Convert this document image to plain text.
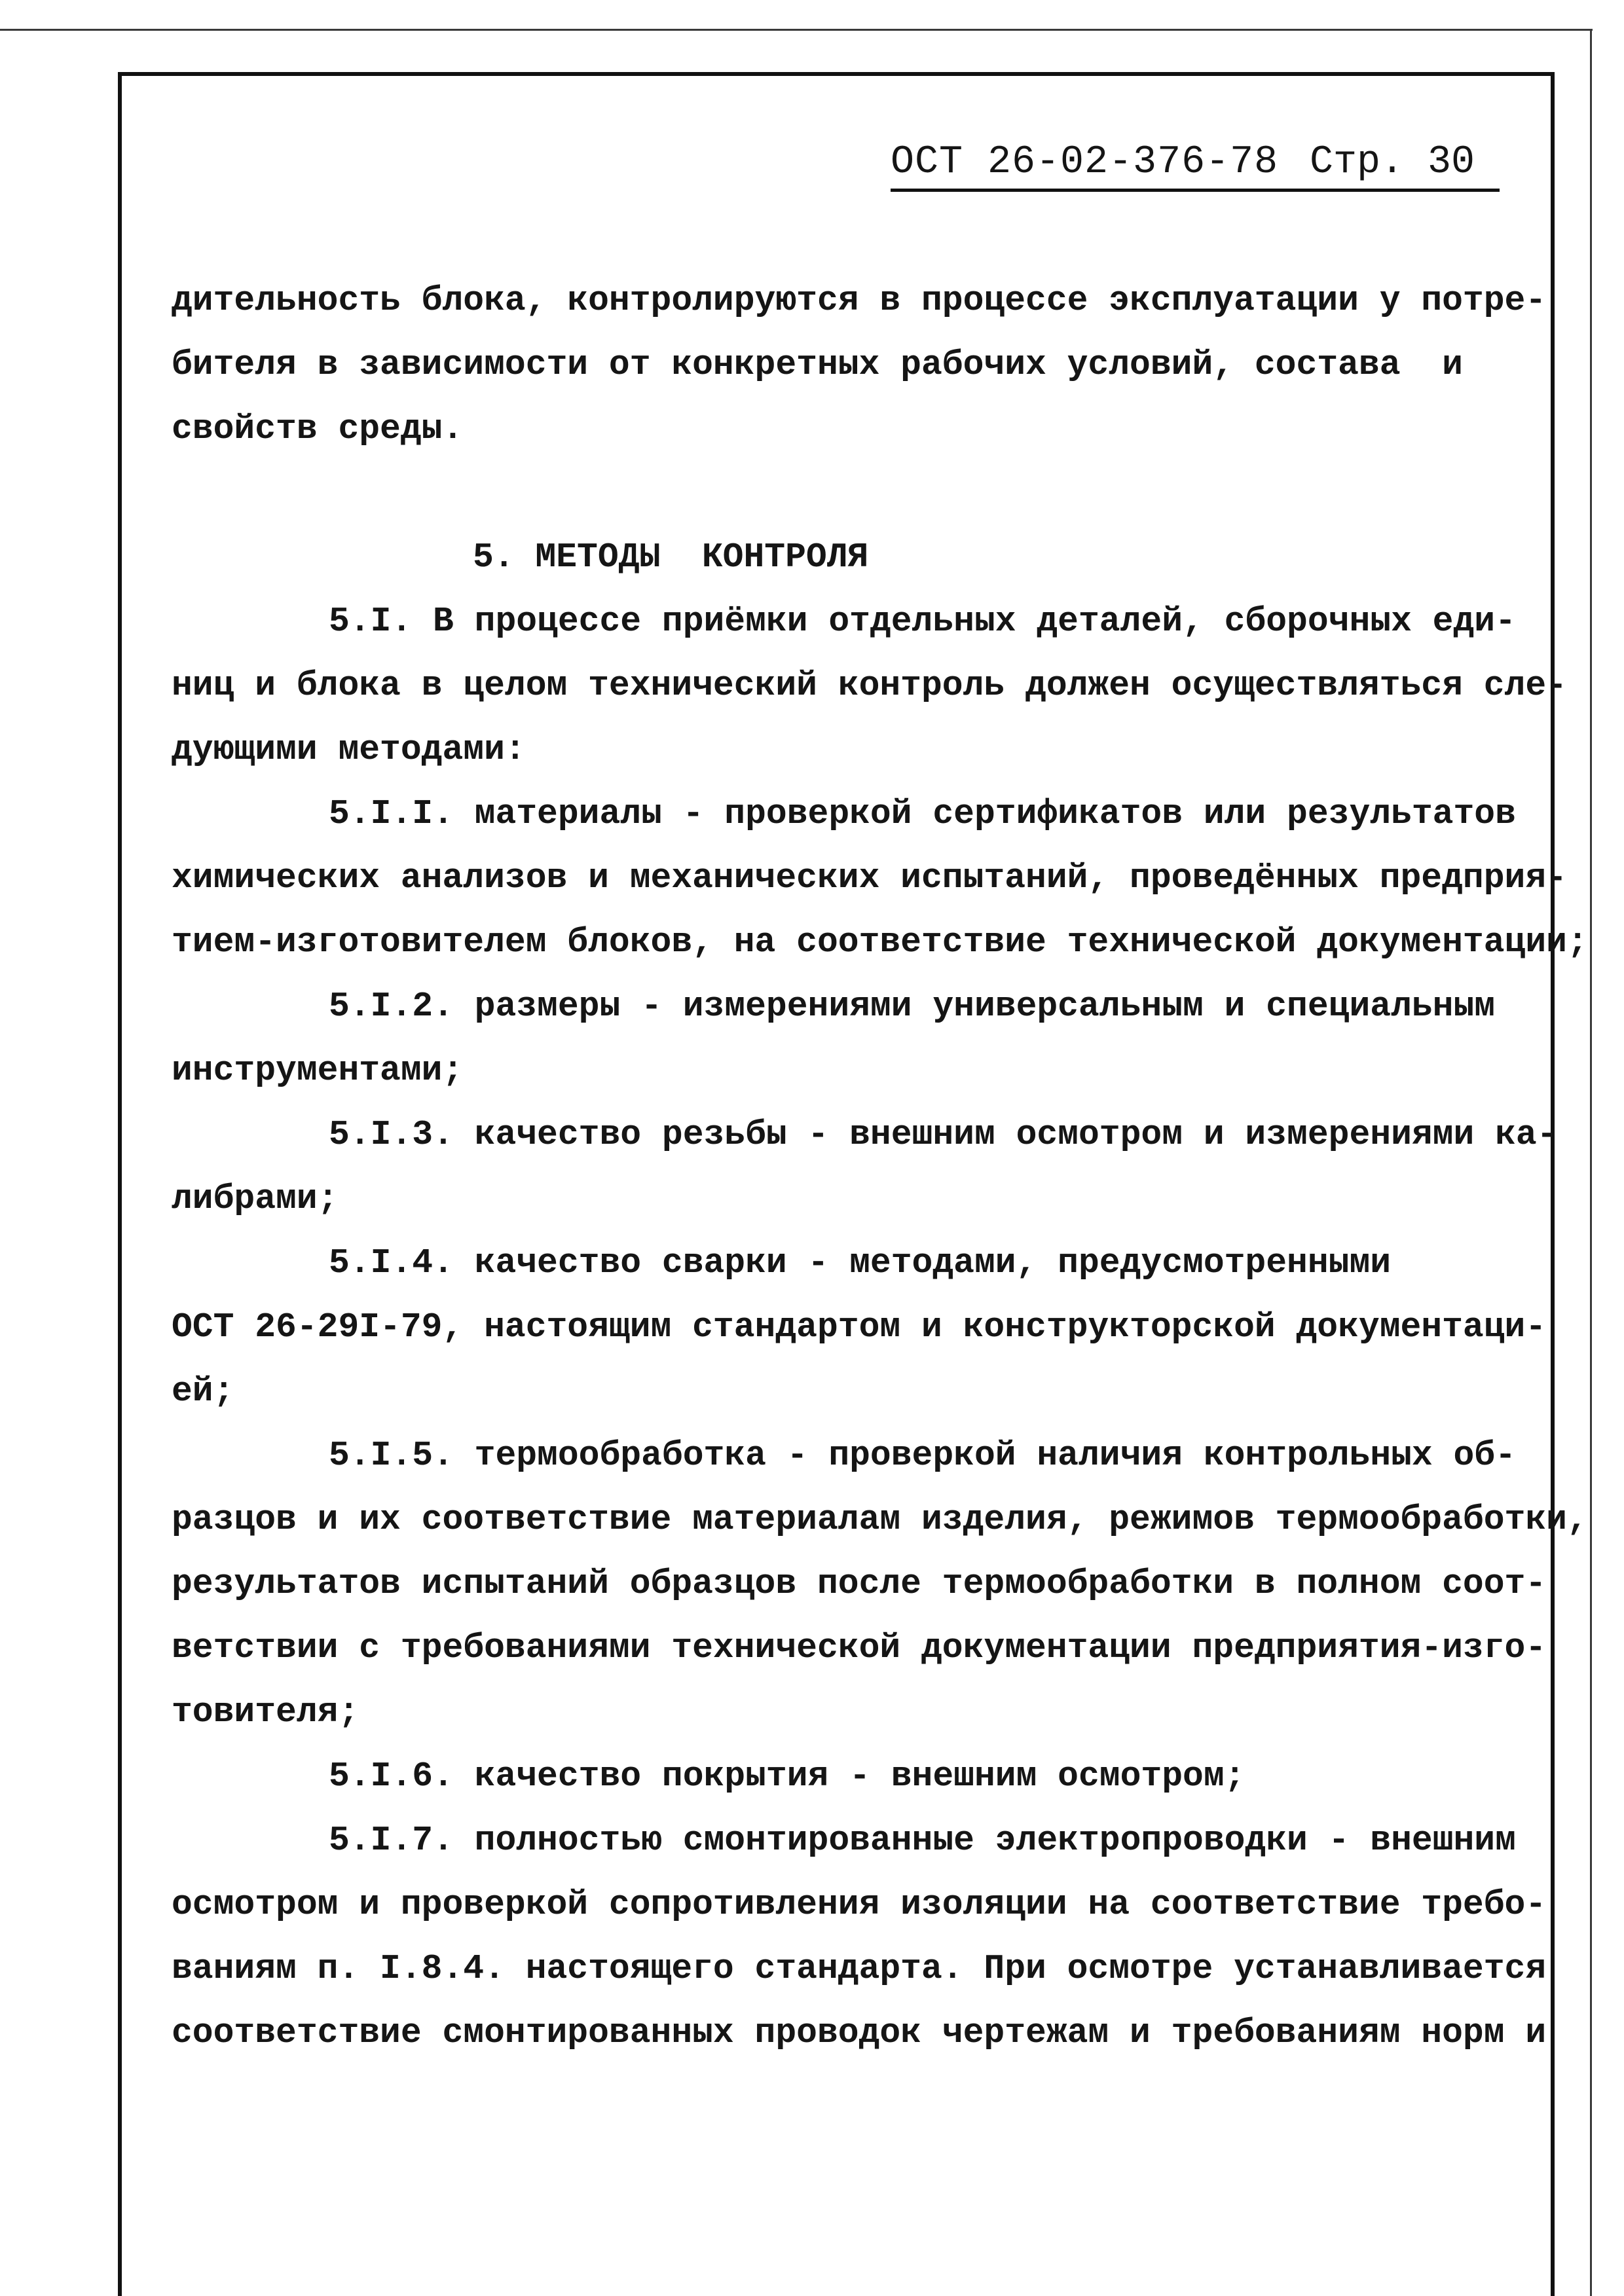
ОСТ 26-02-376-78 Стр. 30
дительность блока, контролируются в процессе эксплуатации у потре-
бителя в зависимости от конкретных рабочих условий, состава  и
свойств среды.
5. МЕТОДЫ  КОНТРОЛЯ
5.I. В процессе приёмки отдельных деталей, сборочных еди-
ниц и блока в целом технический контроль должен осуществляться сле-
дующими методами:
5.I.I. материалы - проверкой сертификатов или результатов
химических анализов и механических испытаний, проведённых предприя-
тием-изготовителем блоков, на соответствие технической документации;
5.I.2. размеры - измерениями универсальным и специальным
инструментами;
5.I.3. качество резьбы - внешним осмотром и измерениями ка-
либрами;
5.I.4. качество сварки - методами, предусмотренными
ОСТ 26-29I-79, настоящим стандартом и конструкторской документаци-
ей;
5.I.5. термообработка - проверкой наличия контрольных об-
разцов и их соответствие материалам изделия, режимов термообработки,
результатов испытаний образцов после термообработки в полном соот-
ветствии с требованиями технической документации предприятия-изго-
товителя;
5.I.6. качество покрытия - внешним осмотром;
5.I.7. полностью смонтированные электропроводки - внешним
осмотром и проверкой сопротивления изоляции на соответствие требо-
ваниям п. I.8.4. настоящего стандарта. При осмотре устанавливается
соответствие смонтированных проводок чертежам и требованиям норм и
